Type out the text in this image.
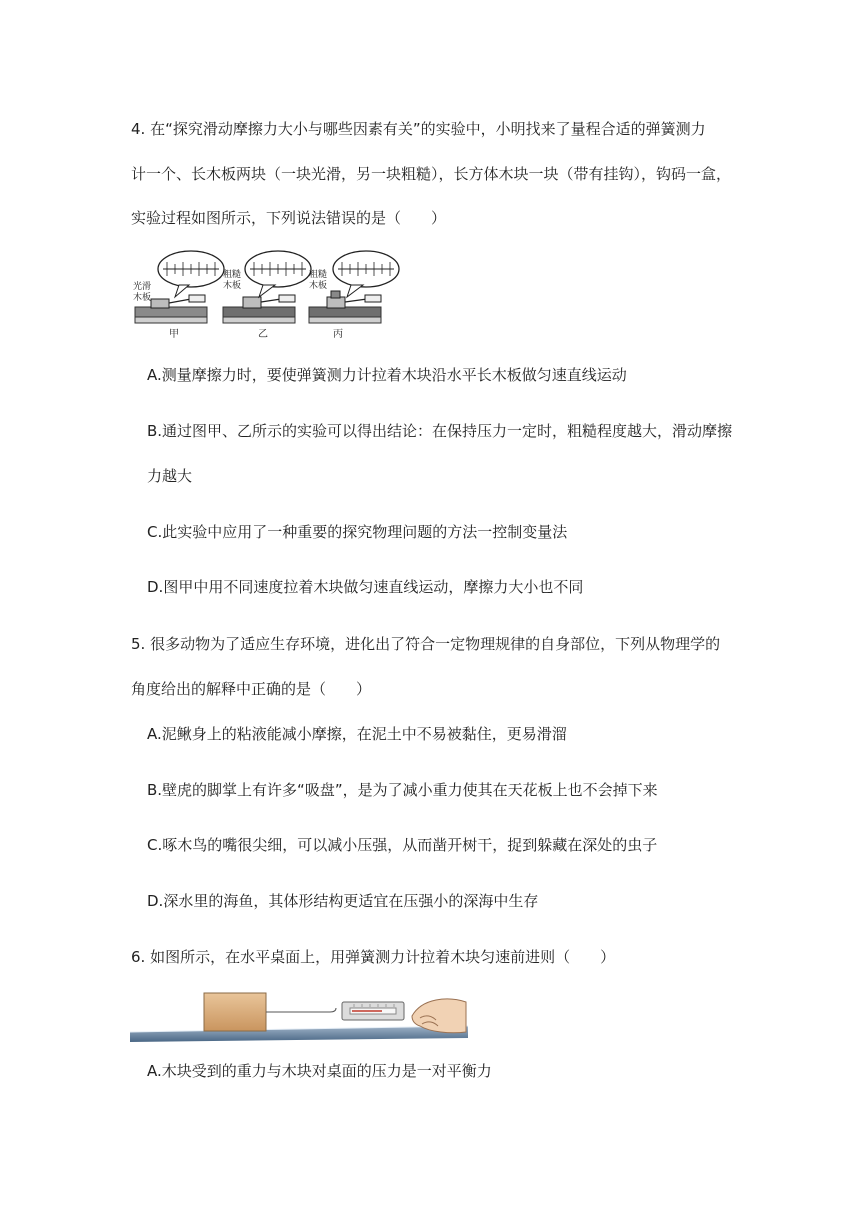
4. 在“探究滑动摩擦力大小与哪些因素有关”的实验中，小明找来了量程合适的弹簧测力
计一个、长木板两块（一块光滑，另一块粗糙），长方体木块一块（带有挂钩），钩码一盒，
实验过程如图所示，下列说法错误的是（　　）
光滑
木板
甲
粗糙
木板
乙
粗糙
木板
丙
A.测量摩擦力时，要使弹簧测力计拉着木块沿水平长木板做匀速直线运动
B.通过图甲、乙所示的实验可以得出结论：在保持压力一定时，粗糙程度越大，滑动摩擦
力越大
C.此实验中应用了一种重要的探究物理问题的方法一控制变量法
D.图甲中用不同速度拉着木块做匀速直线运动，摩擦力大小也不同
5. 很多动物为了适应生存环境，进化出了符合一定物理规律的自身部位，下列从物理学的
角度给出的解释中正确的是（　　）
A.泥鳅身上的粘液能减小摩擦，在泥土中不易被黏住，更易滑溜
B.壁虎的脚掌上有许多“吸盘”，是为了减小重力使其在天花板上也不会掉下来
C.啄木鸟的嘴很尖细，可以减小压强，从而凿开树干，捉到躲藏在深处的虫子
D.深水里的海鱼，其体形结构更适宜在压强小的深海中生存
6. 如图所示，在水平桌面上，用弹簧测力计拉着木块匀速前进则（　　）
A.木块受到的重力与木块对桌面的压力是一对平衡力
